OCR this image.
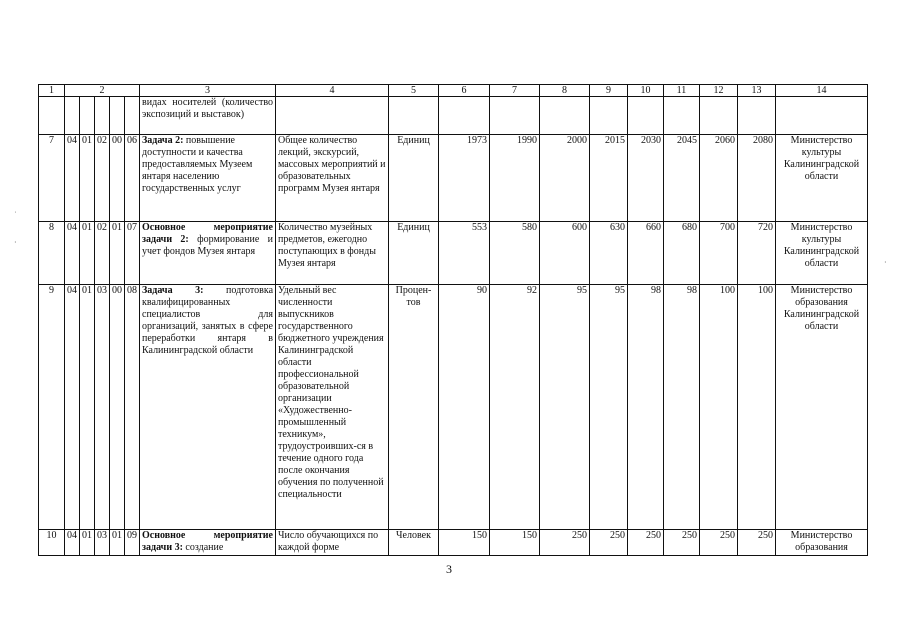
1	2					3	4	5	6	7	8	9	10	11	12	13	14
						видах носителей (количество экспозиций и выставок)											
7	04	01	02	00	06	Задача 2: повышение доступности и качества предоставляемых Музеем янтаря населению государственных услуг	Общее количество лекций, экскурсий, массовых мероприятий и образовательных программ Музея янтаря	Единиц	1973	1990	2000	2015	2030	2045	2060	2080	Министерство культуры Калининградской области
8	04	01	02	01	07	Основное мероприятие задачи 2: формирование и учет фондов Музея янтаря	Количество музейных предметов, ежегодно поступающих в фонды Музея янтаря	Единиц	553	580	600	630	660	680	700	720	Министерство культуры Калининградской области
9	04	01	03	00	08	Задача 3: подготовка квалифицированных специалистов для организаций, занятых в сфере переработки янтаря в Калининградской области	Удельный вес численности выпускников государственного бюджетного учреждения Калининградской области профессиональной образовательной организации «Художественно-промышленный техникум», трудоустроивших-ся в течение одного года после окончания обучения по полученной специальности	Процен-тов	90	92	95	95	98	98	100	100	Министерство образования Калининградской области
10	04	01	03	01	09	Основное мероприятие задачи 3: создание	Число обучающихся по каждой форме	Человек	150	150	250	250	250	250	250	250	Министерство образования
3
˙
·
·
